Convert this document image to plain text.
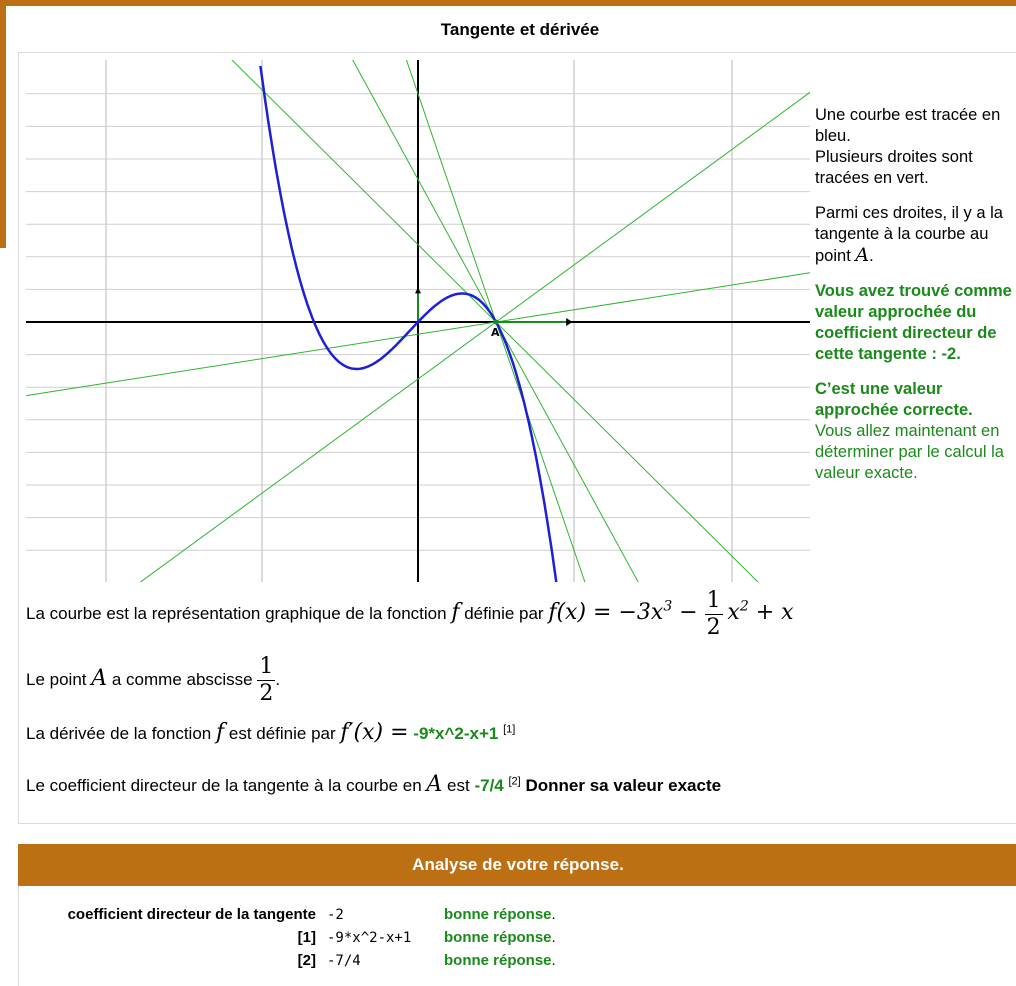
Tangente et dérivée
A

Une courbe est tracée en bleu.
Plusieurs droites sont tracées en vert.

Parmi ces droites, il y a la tangente à la courbe au point A.

Vous avez trouvé comme valeur approchée du coefficient directeur de cette tangente : -2.

C’est une valeur approchée correcte.
Vous allez maintenant en déterminer par le calcul la valeur exacte.

La courbe est la représentation graphique de la fonction f définie par $f(x) = -3x^3 - \frac{1}{2} x^2 + x$
Le point A a comme abscisse $\frac{1}{2}$ .
La dérivée de la fonction f est définie par f′(x) = -9*x^2-x+1 [1]
Le coefficient directeur de la tangente à la courbe en A est -7/4 [2] Donner sa valeur exacte
Analyse de votre réponse.
coefficient directeur de la tangente -2	bonne réponse.
[1] -9*x^2-x+1 bonne réponse.
[2] -7/4	bonne réponse.
